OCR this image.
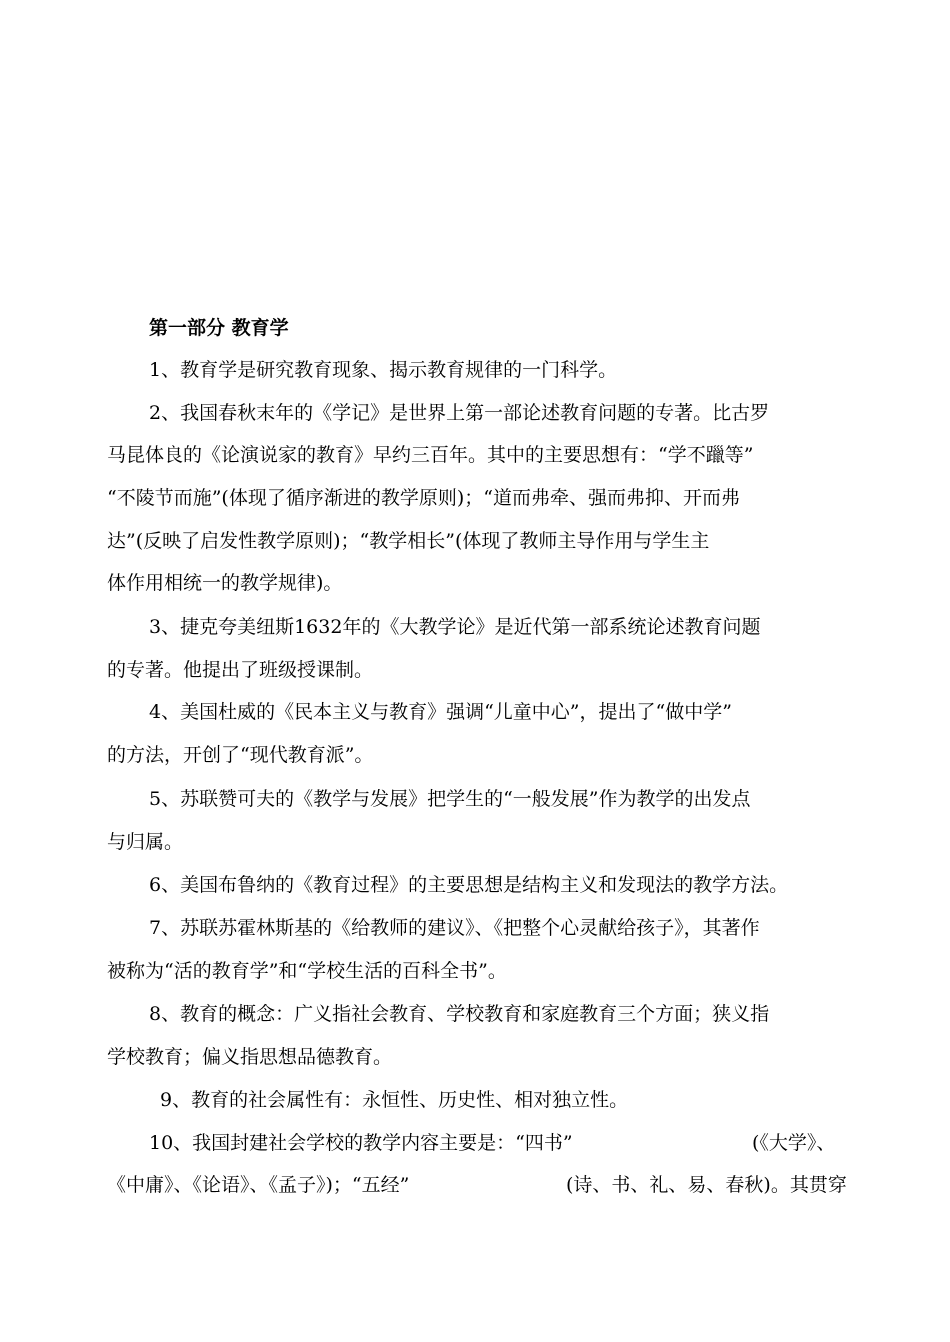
第一部分 教育学
1、教育学是研究教育现象、揭示教育规律的一门科学。
2、我国春秋末年的《学记》是世界上第一部论述教育问题的专著。比古罗
马昆体良的《论演说家的教育》早约三百年。其中的主要思想有：“学不躐等”
“不陵节而施”(体现了循序渐进的教学原则)；“道而弗牵、强而弗抑、开而弗
达”(反映了启发性教学原则)；“教学相长”(体现了教师主导作用与学生主
体作用相统一的教学规律)。
3、捷克夸美纽斯1632年的《大教学论》是近代第一部系统论述教育问题
的专著。他提出了班级授课制。
4、美国杜威的《民本主义与教育》强调“儿童中心”，提出了“做中学”
的方法，开创了“现代教育派”。
5、苏联赞可夫的《教学与发展》把学生的“一般发展”作为教学的出发点
与归属。
6、美国布鲁纳的《教育过程》的主要思想是结构主义和发现法的教学方法。
7、苏联苏霍林斯基的《给教师的建议》、《把整个心灵献给孩子》，其著作
被称为“活的教育学”和“学校生活的百科全书”。
8、教育的概念：广义指社会教育、学校教育和家庭教育三个方面；狭义指
学校教育；偏义指思想品德教育。
9、教育的社会属性有：永恒性、历史性、相对独立性。
10、我国封建社会学校的教学内容主要是：“四书”	(《大学》、
《中庸》、《论语》、《孟子》)；“五经”	(诗、书、礼、易、春秋)。其贯穿
